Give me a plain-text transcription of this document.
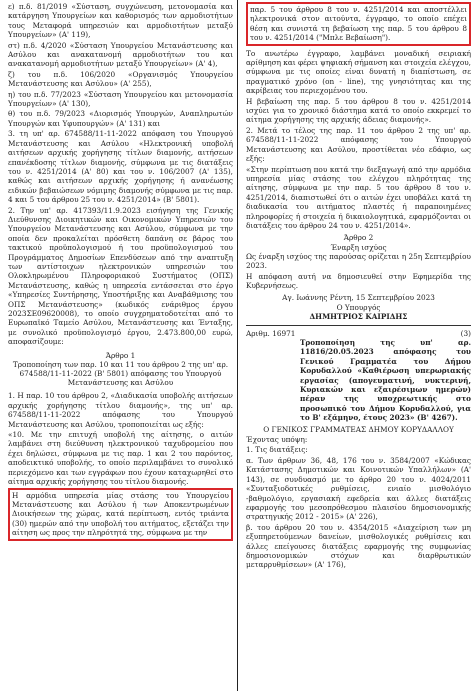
ε) π.δ. 81/2019 «Σύσταση, συγχώνευση, μετονομασία και κατάργηση Υπουργείων και καθορισμός των αρμοδιοτήτων τους Μεταφορά υπηρεσιών και αρμοδιοτήτων μεταξύ Υπουργείων» (Α' 119),

στ) π.δ. 4/2020 «Σύσταση Υπουργείου Μετανάστευσης και Ασύλου και ανακατανομή αρμοδιοτήτων του και ανακατανομή αρμοδιοτήτων μεταξύ Υπουργείων» (Α' 4),

ζ) του π.δ. 106/2020 «Οργανισμός Υπουργείου Μετανάστευσης και Ασύλου» (Α' 255),

η) του π.δ. 77/2023 «Σύσταση Υπουργείου και μετονομασία Υπουργείων» (Α' 130),

θ) του π.δ. 79/2023 «Διορισμός Υπουργών, Αναπληρωτών Υπουργών και Υφυπουργών» (Α' 131) και

3. τη υπ' αρ. 674588/11-11-2022 απόφαση του Υπουργού Μετανάστευσης και Ασύλου «Ηλεκτρονική υποβολή αιτήσεων αρχικής χορήγησης τίτλων διαμονής, αιτήσεων επανέκδοσης τίτλων διαμονής, σύμφωνα με τις διατάξεις του ν. 4251/2014 (Α' 80) και του ν. 106/2007 (Α' 135), καθώς και αιτήσεων αρχικής χορήγησης ή ανανέωσης ειδικών βεβαιώσεων νόμιμης διαμονής σύμφωνα με τις παρ. 4 και 5 του άρθρου 25 του ν. 4251/2014» (Β' 5801).

2. Την υπ' αρ. 417393/11.9.2023 εισήγηση της Γενικής Διεύθυνσης Διοικητικών και Οικονομικών Υπηρεσιών του Υπουργείου Μετανάστευσης και Ασύλου, σύμφωνα με την οποία δεν προκαλείται πρόσθετη δαπάνη σε βάρος του τακτικού προϋπολογισμού ή του προϋπολογισμού του Προγράμματος Δημοσίων Επενδύσεων από την αναπτυξη των αντίστοιχων ηλεκτρονικών υπηρεσιών του Ολοκληρωμένου Πληροφοριακού Συστήματος (ΟΠΣ) Μετανάστευσης, καθώς η υπηρεσία εντάσσεται στο έργο «Υπηρεσίες Συντήρησης, Υποστήριξης και Αναβάθμισης του ΟΠΣ Μετανάστευσης» (κωδικός ενάριθμος έργου 2023ΣΕ09620008), το οποίο συγχρηματοδοτείται από το Ευρωπαϊκό Ταμείο Ασύλου, Μετανάστευσης και Ένταξης, με συνολικό προϋπολογισμό έργου, 2.473.800,00 ευρώ, αποφασίζουμε:

Άρθρο 1

Τροποποίηση των παρ. 10 και 11 του άρθρου 2 της υπ' αρ. 674588/11-11-2022 (Β' 5801) απόφασης του Υπουργού Μετανάστευσης και Ασύλου

1. Η παρ. 10 του άρθρου 2, «Διαδικασία υποβολής αιτήσεων αρχικής χορήγησης τίτλου διαμονής», της υπ' αρ. 674588/11-11-2022 απόφασης του Υπουργού Μετανάστευσης και Ασύλου, τροποποιείται ως εξής:

«10. Με την επιτυχή υποβολή της αίτησης, ο αιτών λαμβάνει στη διεύθυνση ηλεκτρονικού ταχυδρομείου που έχει δηλώσει, σύμφωνα με τις παρ. 1 και 2 του παρόντος, αποδεικτικό υποβολής, το οποίο περιλαμβάνει το συνολικό περιεχόμενο και των εγγράφων που έχουν καταχωρηθεί στο αίτημα αρχικής χορήγησης του τίτλου διαμονής.

Η αρμόδια υπηρεσία μίας στάσης του Υπουργείου Μετανάστευσης και Ασύλου ή των Αποκεντρωμένων Διοικήσεων της χώρας, κατά περίπτωση, εντός τριάντα (30) ημερών από την υποβολή του αιτήματος, εξετάζει την αίτηση ως προς την πληρότητά της, σύμφωνα με την

παρ. 5 του άρθρου 8 του ν. 4251/2014 και αποστέλλει ηλεκτρονικά στον αιτούντα, έγγραφο, το οποίο επέχει θέση και συνιστά τη βεβαίωση της παρ. 5 του άρθρου 8 του ν. 4251/2014 ("Μπλε Βεβαίωση").

Το ανωτέρω έγγραφο, λαμβάνει μοναδική σειριακή αρίθμηση και φέρει ψηφιακή σήμανση και στοιχεία ελέγχου, σύμφωνα με τις οποίες είναι δυνατή η διαπίστωση, σε πραγματικό χρόνο (on - line), της γνησιότητας και της ακρίβειας του περιεχομένου του.

Η βεβαίωση της παρ. 5 του άρθρου 8 του ν. 4251/2014 ισχύει για το χρονικό διάστημα κατά το οποίο εκκρεμεί το αίτημα χορήγησης της αρχικής άδειας διαμονής».

2. Μετά το τέλος της παρ. 11 του άρθρου 2 της υπ' αρ. 674588/11-11-2022 απόφασης του Υπουργού Μετανάστευσης και Ασύλου, προστίθεται νέο εδάφιο, ως εξής:

«Στην περίπτωση που κατά την διεξαγωγή από την αρμόδια υπηρεσία μίας στάσης του ελέγχου πληρότητας της αίτησης, σύμφωνα με την παρ. 5 του άρθρου 8 του ν. 4251/2014, διαπιστωθεί ότι ο αιτών έχει υποβάλει κατά τη διαδικασία του αιτήματος πλαστές ή παραποιημένες πληροφορίες ή στοιχεία ή δικαιολογητικά, εφαρμόζονται οι διατάξεις του άρθρου 24 του ν. 4251/2014».

Άρθρο 2

Έναρξη ισχύος

Ως έναρξη ισχύος της παρούσας ορίζεται η 25η Σεπτεμβρίου 2023.

Η απόφαση αυτή να δημοσιευθεί στην Εφημερίδα της Κυβερνήσεως.

Αγ. Ιωάννης Ρέντη, 15 Σεπτεμβρίου 2023

Ο Υπουργός

ΔΗΜΗΤΡΙΟΣ ΚΑΙΡΙΔΗΣ

Αριθμ. 16971	(3)

Τροποποίηση της υπ' αρ. 11816/20.05.2023 απόφασης του Γενικού Γραμματέα του Δήμου Κορυδαλλού «Καθιέρωση υπερωριακής εργασίας (απογευματινή, νυκτερινή, Κυριακών και εξαιρέσιμων ημερών) πέραν της υποχρεωτικής στο προσωπικό του Δήμου Κορυδαλλού, για το Β' εξάμηνο, έτους 2023» (Β' 4267).

Ο ΓΕΝΙΚΟΣ ΓΡΑΜΜΑΤΕΑΣ ΔΗΜΟΥ ΚΟΡΥΔΑΛΛΟΥ

Έχοντας υπόψη:

1. Τις διατάξεις:

α. Των άρθρων 36, 48, 176 του ν. 3584/2007 «Κώδικας Κατάστασης Δημοτικών και Κοινοτικών Υπαλλήλων» (Α' 143), σε συνδυασμό με το άρθρο 20 του ν. 4024/2011 «Συνταξιοδοτικές ρυθμίσεις, ενιαίο μισθολόγιο -βαθμολόγιο, εργασιακή εφεδρεία και άλλες διατάξεις εφαρμογής του μεσοπρόθεσμου πλαισίου δημοσιονομικής στρατηγικής 2012 - 2015» (Α' 226),

β. του άρθρου 20 του ν. 4354/2015 «Διαχείριση των μη εξυπηρετούμενων δανείων, μισθολογικές ρυθμίσεις και άλλες επείγουσες διατάξεις εφαρμογής της συμφωνίας δημοσιονομικών στόχων και διαρθρωτικών μεταρρυθμίσεων» (Α' 176),
